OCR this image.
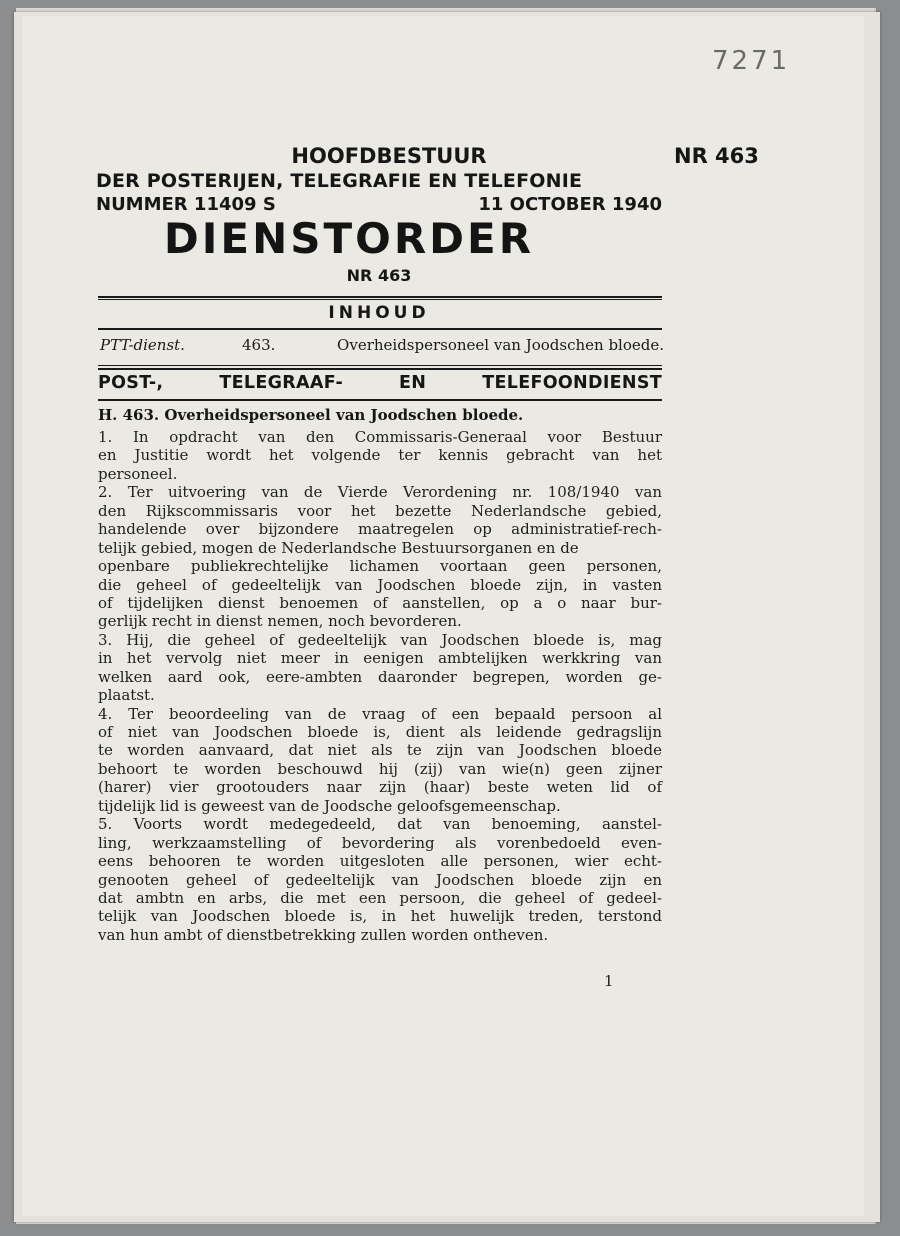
7271
HOOFDBESTUUR	NR 463
DER POSTERIJEN, TELEGRAFIE EN TELEFONIE
NUMMER 11409 S	11 OCTOBER 1940
DIENSTORDER
NR 463
INHOUD
PTT-dienst.	463.	Overheidspersoneel van Joodschen bloede.
POST-,	TELEGRAAF-	EN	TELEFOONDIENST
H. 463. Overheidspersoneel van Joodschen bloede.
1. In opdracht van den Commissaris-Generaal voor Bestuur
en Justitie wordt het volgende ter kennis gebracht van het
personeel.
2. Ter uitvoering van de Vierde Verordening nr. 108/1940 van
den Rijkscommissaris voor het bezette Nederlandsche gebied,
handelende over bijzondere maatregelen op administratief-rech-
telijk gebied, mogen de Nederlandsche Bestuursorganen en de
openbare publiekrechtelijke lichamen voortaan geen personen,
die geheel of gedeeltelijk van Joodschen bloede zijn, in vasten
of tijdelijken dienst benoemen of aanstellen, op a o naar bur-
gerlijk recht in dienst nemen, noch bevorderen.
3. Hij, die geheel of gedeeltelijk van Joodschen bloede is, mag
in het vervolg niet meer in eenigen ambtelijken werkkring van
welken aard ook, eere-ambten daaronder begrepen, worden ge-
plaatst.
4. Ter beoordeeling van de vraag of een bepaald persoon al
of niet van Joodschen bloede is, dient als leidende gedragslijn
te worden aanvaard, dat niet als te zijn van Joodschen bloede
behoort te worden beschouwd hij (zij) van wie(n) geen zijner
(harer) vier grootouders naar zijn (haar) beste weten lid of
tijdelijk lid is geweest van de Joodsche geloofsgemeenschap.
5. Voorts wordt medegedeeld, dat van benoeming, aanstel-
ling, werkzaamstelling of bevordering als vorenbedoeld even-
eens behooren te worden uitgesloten alle personen, wier echt-
genooten geheel of gedeeltelijk van Joodschen bloede zijn en
dat ambtn en arbs, die met een persoon, die geheel of gedeel-
telijk van Joodschen bloede is, in het huwelijk treden, terstond
van hun ambt of dienstbetrekking zullen worden ontheven.
1
